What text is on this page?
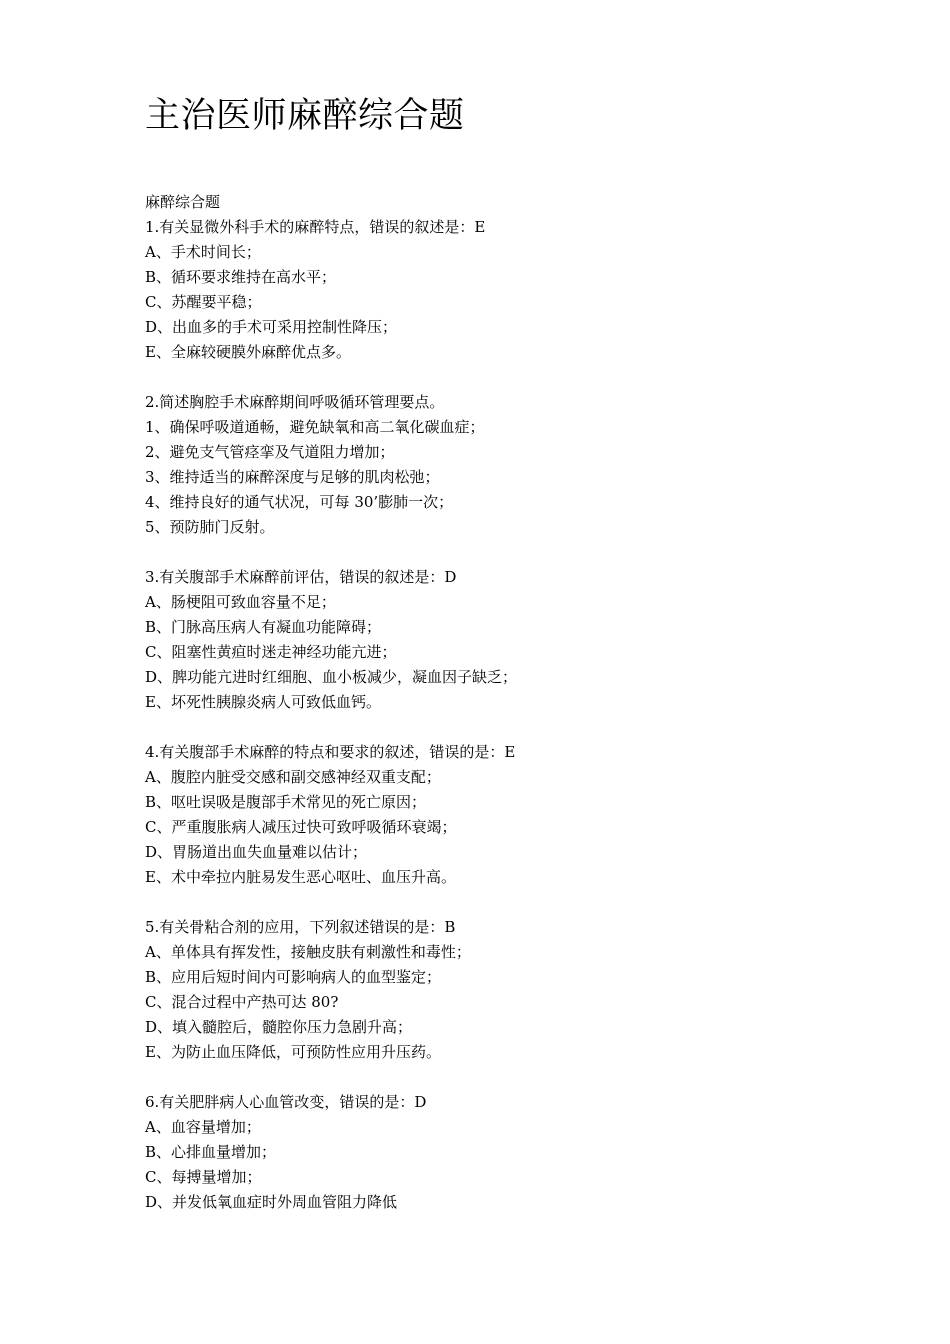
主治医师麻醉综合题
麻醉综合题
1.有关显微外科手术的麻醉特点，错误的叙述是：E
A、手术时间长；
B、循环要求维持在高水平；
C、苏醒要平稳；
D、出血多的手术可采用控制性降压；
E、全麻较硬膜外麻醉优点多。
2.简述胸腔手术麻醉期间呼吸循环管理要点。
1、确保呼吸道通畅，避免缺氧和高二氧化碳血症；
2、避免支气管痉挛及气道阻力增加；
3、维持适当的麻醉深度与足够的肌肉松弛；
4、维持良好的通气状况，可每 30’膨肺一次；
5、预防肺门反射。
3.有关腹部手术麻醉前评估，错误的叙述是：D
A、肠梗阻可致血容量不足；
B、门脉高压病人有凝血功能障碍；
C、阻塞性黄疸时迷走神经功能亢进；
D、脾功能亢进时红细胞、血小板减少，凝血因子缺乏；
E、坏死性胰腺炎病人可致低血钙。
4.有关腹部手术麻醉的特点和要求的叙述，错误的是：E
A、腹腔内脏受交感和副交感神经双重支配；
B、呕吐误吸是腹部手术常见的死亡原因；
C、严重腹胀病人减压过快可致呼吸循环衰竭；
D、胃肠道出血失血量难以估计；
E、术中牵拉内脏易发生恶心呕吐、血压升高。
5.有关骨粘合剂的应用，下列叙述错误的是：B
A、单体具有挥发性，接触皮肤有刺激性和毒性；
B、应用后短时间内可影响病人的血型鉴定；
C、混合过程中产热可达 80?
D、填入髓腔后，髓腔你压力急剧升高；
E、为防止血压降低，可预防性应用升压药。
6.有关肥胖病人心血管改变，错误的是：D
A、血容量增加；
B、心排血量增加；
C、每搏量增加；
D、并发低氧血症时外周血管阻力降低
